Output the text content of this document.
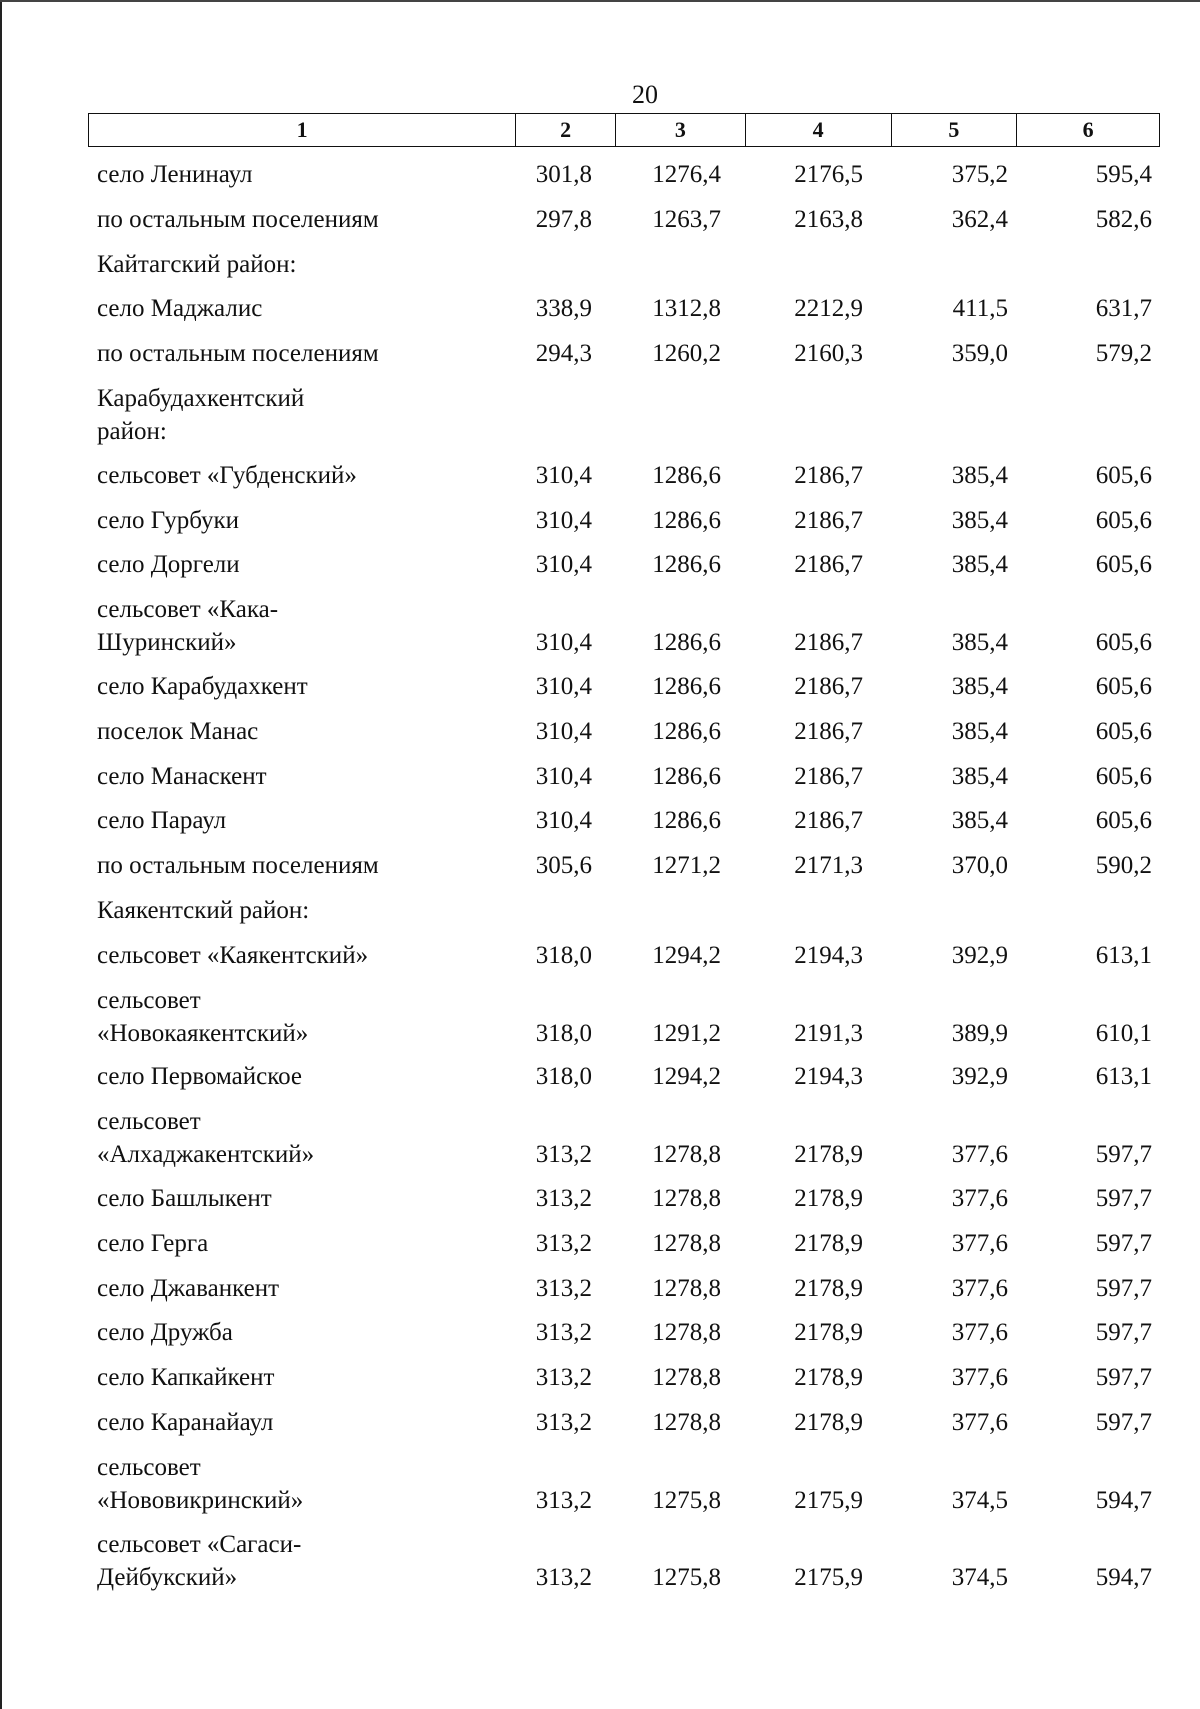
20
1	2	3	4	5	6
село Ленинаул	301,8	1276,4	2176,5	375,2	595,4
по остальным поселениям	297,8	1263,7	2163,8	362,4	582,6
Кайтагский район:
село Маджалис	338,9	1312,8	2212,9	411,5	631,7
по остальным поселениям	294,3	1260,2	2160,3	359,0	579,2
Карабудахкентский
район:
сельсовет «Губденский»	310,4	1286,6	2186,7	385,4	605,6
село Гурбуки	310,4	1286,6	2186,7	385,4	605,6
село Доргели	310,4	1286,6	2186,7	385,4	605,6
сельсовет «Кака-
Шуринский»	310,4	1286,6	2186,7	385,4	605,6
село Карабудахкент	310,4	1286,6	2186,7	385,4	605,6
поселок Манас	310,4	1286,6	2186,7	385,4	605,6
село Манаскент	310,4	1286,6	2186,7	385,4	605,6
село Параул	310,4	1286,6	2186,7	385,4	605,6
по остальным поселениям	305,6	1271,2	2171,3	370,0	590,2
Каякентский район:
сельсовет «Каякентский»	318,0	1294,2	2194,3	392,9	613,1
сельсовет
«Новокаякентский»	318,0	1291,2	2191,3	389,9	610,1
село Первомайское	318,0	1294,2	2194,3	392,9	613,1
сельсовет
«Алхаджакентский»	313,2	1278,8	2178,9	377,6	597,7
село Башлыкент	313,2	1278,8	2178,9	377,6	597,7
село Герга	313,2	1278,8	2178,9	377,6	597,7
село Джаванкент	313,2	1278,8	2178,9	377,6	597,7
село Дружба	313,2	1278,8	2178,9	377,6	597,7
село Капкайкент	313,2	1278,8	2178,9	377,6	597,7
село Каранайаул	313,2	1278,8	2178,9	377,6	597,7
сельсовет
«Нововикринский»	313,2	1275,8	2175,9	374,5	594,7
сельсовет «Сагаси-
Дейбукский»	313,2	1275,8	2175,9	374,5	594,7
